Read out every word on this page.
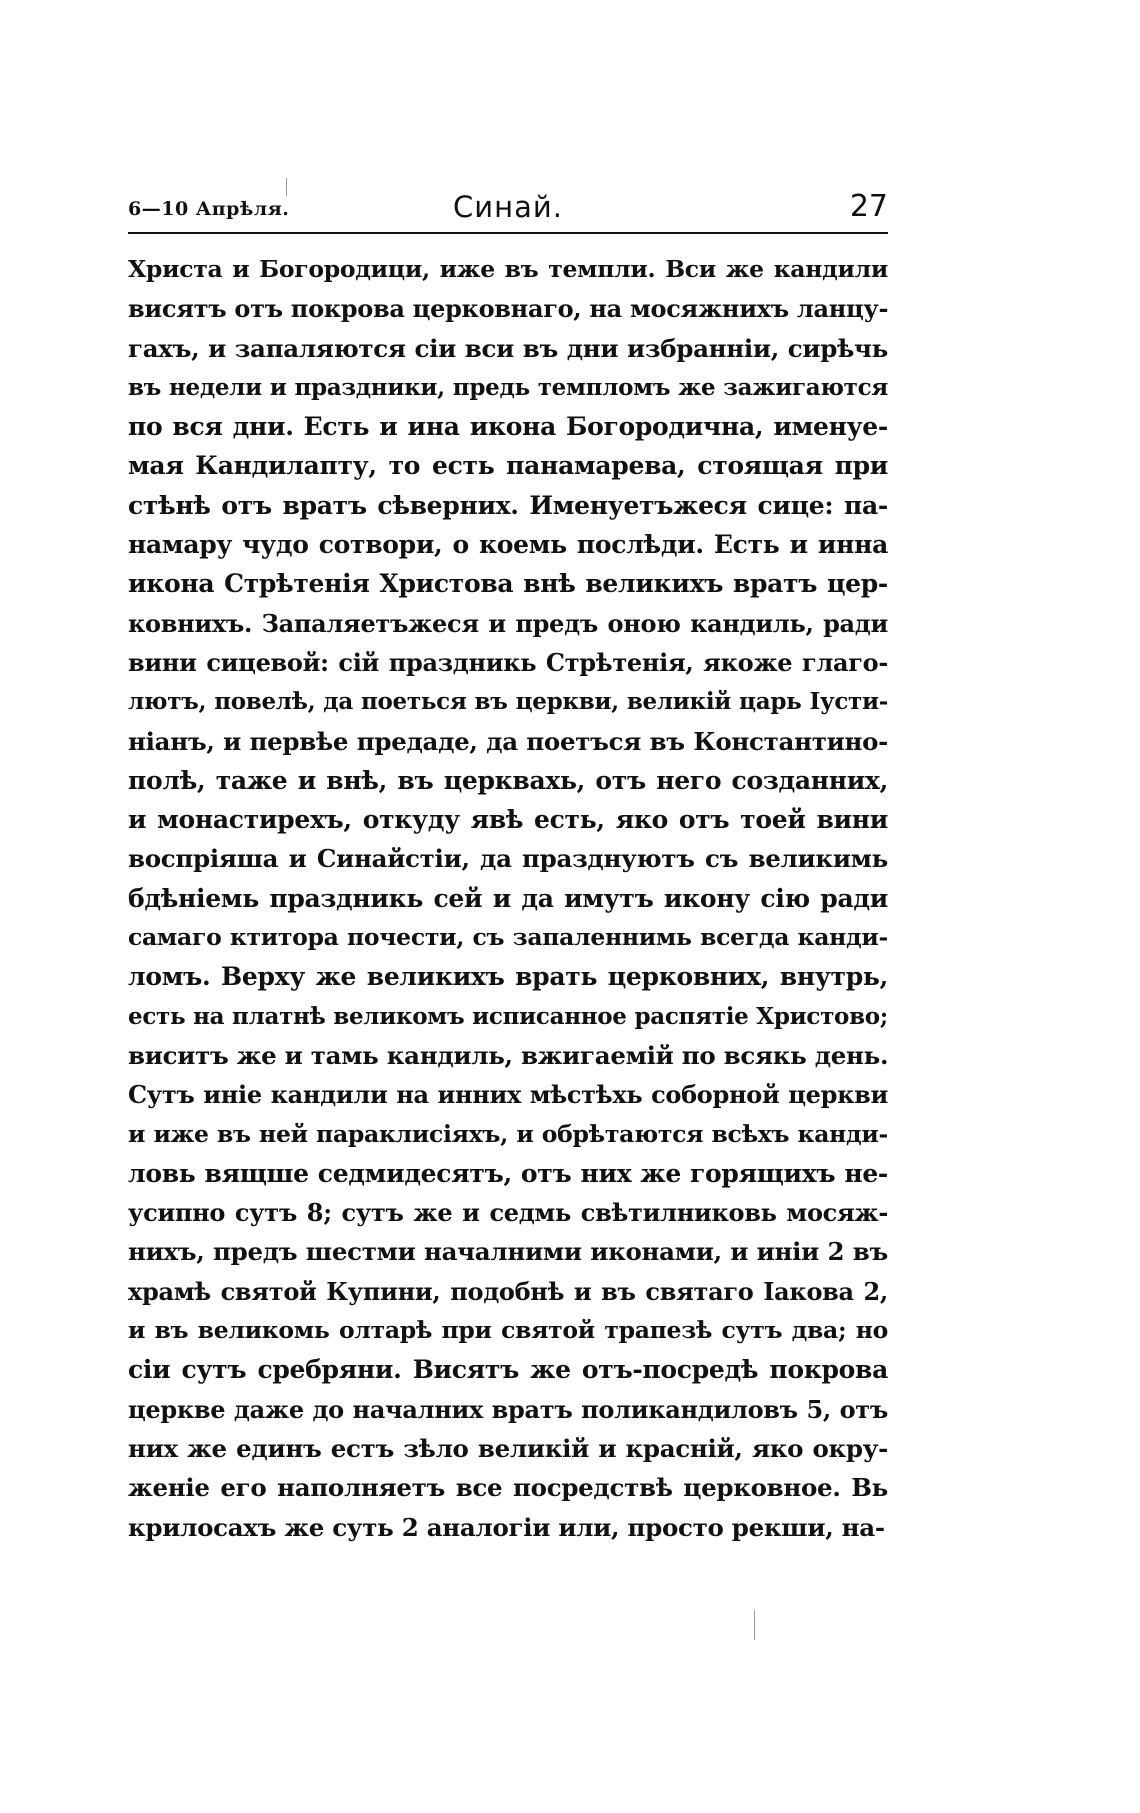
6—10 Апрѣля.	Синай.	27
Христа и Богородици, иже въ темпли. Вси же кандили
висятъ отъ покрова церковнаго, на мосяжнихъ ланцу-
гахъ, и запаляются сіи вси въ дни избранніи, сирѣчь
въ недели и праздники, предь темпломъ же зажигаются
по вся дни. Есть и ина икона Богородична, именуе-
мая Кандилапту, то есть панамарева, стоящая при
стѣнѣ отъ вратъ сѣверних. Именуетъжеся сице: па-
намару чудо сотвори, о коемь послѣди. Есть и инна
икона Стрѣтенія Христова внѣ великихъ вратъ цер-
ковнихъ. Запаляетъжеся и предъ оною кандиль, ради
вини сицевой: сій праздникь Стрѣтенія, якоже глаго-
лютъ, повелѣ, да поеться въ церкви, великій царь Іусти-
ніанъ, и первѣе предаде, да поетъся въ Константино-
полѣ, таже и внѣ, въ церквахь, отъ него созданних,
и монастирехъ, откуду явѣ есть, яко отъ тоей вини
воспріяша и Синайстіи, да празднуютъ съ великимь
бдѣніемь праздникь сей и да имутъ икону сію ради
самаго ктитора почести, съ запаленнимь всегда канди-
ломъ. Верху же великихъ врать церковних, внутрь,
есть на платнѣ великомъ исписанное распятіе Христово;
виситъ же и тамь кандиль, вжигаемій по всякь день.
Сутъ иніе кандили на инних мѣстѣхь соборной церкви
и иже въ ней параклисіяхъ, и обрѣтаются всѣхъ канди-
ловь вящше седмидесятъ, отъ них же горящихъ не-
усипно сутъ 8; сутъ же и седмь свѣтилниковь мосяж-
нихъ, предъ шестми началними иконами, и иніи 2 въ
храмѣ святой Купини, подобнѣ и въ святаго Іакова 2,
и въ великомь олтарѣ при святой трапезѣ сутъ два; но
сіи сутъ сребряни. Висятъ же отъ-посредѣ покрова
церкве даже до началних вратъ поликандиловъ 5, отъ
них же единъ естъ зѣло великій и красній, яко окру-
женіе его наполняетъ все посредствѣ церковное. Вь
крилосахъ же суть 2 аналогіи или, просто рекши, на-
